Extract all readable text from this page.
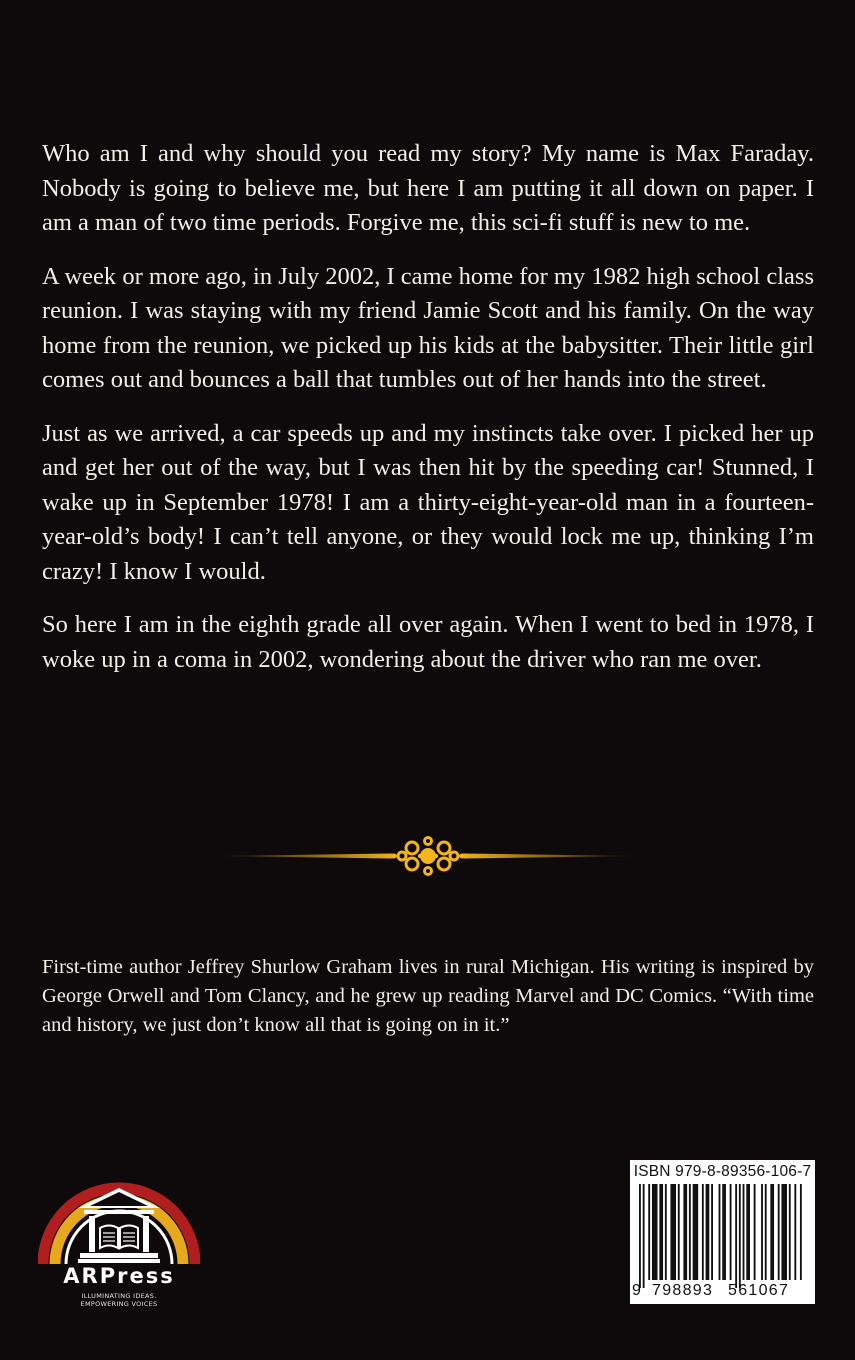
Who am I and why should you read my story? My name is Max Faraday. Nobody is going to believe me, but here I am putting it all down on paper. I am a man of two time periods. Forgive me, this sci-fi stuff is new to me.

A week or more ago, in July 2002, I came home for my 1982 high school class reunion. I was staying with my friend Jamie Scott and his family. On the way home from the reunion, we picked up his kids at the babysitter. Their little girl comes out and bounces a ball that tumbles out of her hands into the street.

Just as we arrived, a car speeds up and my instincts take over. I picked her up and get her out of the way, but I was then hit by the speeding car! Stunned, I wake up in September 1978! I am a thirty-eight-year-old man in a fourteen-year-old’s body! I can’t tell anyone, or they would lock me up, thinking I’m crazy! I know I would.

So here I am in the eighth grade all over again. When I went to bed in 1978, I woke up in a coma in 2002, wondering about the driver who ran me over.

First-time author Jeffrey Shurlow Graham lives in rural Michigan. His writing is inspired by George Orwell and Tom Clancy, and he grew up reading Marvel and DC Comics. “With time and history, we just don’t know all that is going on in it.”

ARPress
ILLUMINATING IDEAS.
EMPOWERING VOICES
ISBN 979-8-89356-106-7
9 798893 561067
